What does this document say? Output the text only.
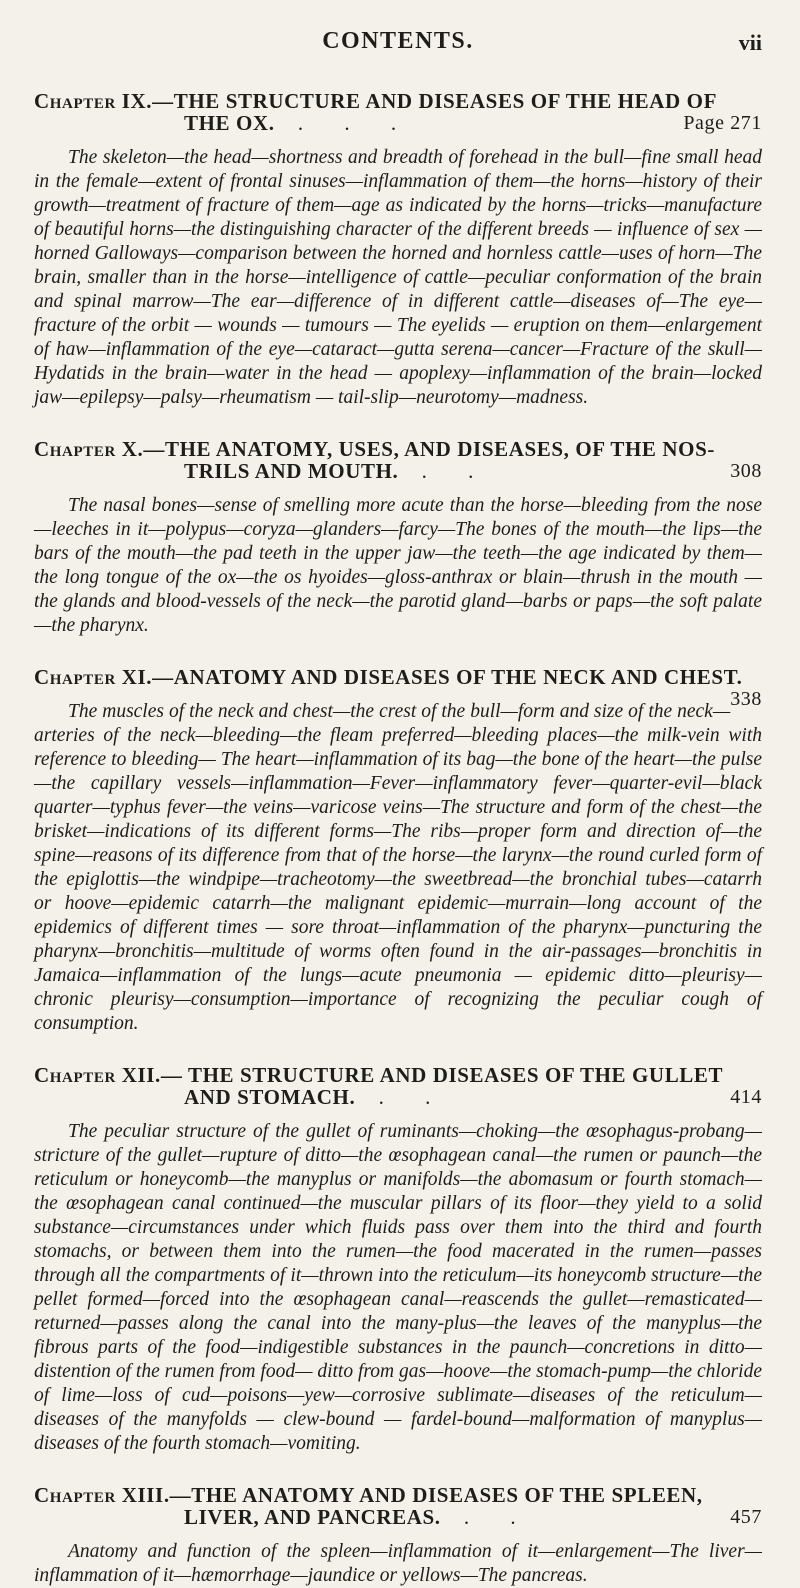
CONTENTS.	vii
Chapter IX.—THE STRUCTURE AND DISEASES OF THE HEAD OF
THE OX. . . .	Page 271

The skeleton—the head—shortness and breadth of forehead in the bull—fine small head in the female—extent of frontal sinuses—inflammation of them—the horns—history of their growth—treatment of fracture of them—age as indicated by the horns—tricks—manufacture of beautiful horns—the distinguishing character of the different breeds — influence of sex — horned Galloways—comparison between the horned and hornless cattle—uses of horn—The brain, smaller than in the horse—intelligence of cattle—peculiar conformation of the brain and spinal marrow—The ear—difference of in different cattle—diseases of—The eye—fracture of the orbit — wounds — tumours — The eyelids — eruption on them—enlargement of haw—inflammation of the eye—cataract—gutta serena—cancer—Fracture of the skull—Hydatids in the brain—water in the head — apoplexy—inflammation of the brain—locked jaw—epilepsy—palsy—rheumatism — tail-slip—neurotomy—madness.

Chapter X.—THE ANATOMY, USES, AND DISEASES, OF THE NOS-
TRILS AND MOUTH. . .	308

The nasal bones—sense of smelling more acute than the horse—bleeding from the nose—leeches in it—polypus—coryza—glanders—farcy—The bones of the mouth—the lips—the bars of the mouth—the pad teeth in the upper jaw—the teeth—the age indicated by them—the long tongue of the ox—the os hyoides—gloss-anthrax or blain—thrush in the mouth —the glands and blood-vessels of the neck—the parotid gland—barbs or paps—the soft palate—the pharynx.

Chapter XI.—ANATOMY AND DISEASES OF THE NECK AND CHEST.
338

The muscles of the neck and chest—the crest of the bull—form and size of the neck—arteries of the neck—bleeding—the fleam preferred—bleeding places—the milk-vein with reference to bleeding— The heart—inflammation of its bag—the bone of the heart—the pulse—the capillary vessels—inflammation—Fever—inflammatory fever—quarter-evil—black quarter—typhus fever—the veins—varicose veins—The structure and form of the chest—the brisket—indications of its different forms—The ribs—proper form and direction of—the spine—reasons of its difference from that of the horse—the larynx—the round curled form of the epiglottis—the windpipe—tracheotomy—the sweetbread—the bronchial tubes—catarrh or hoove—epidemic catarrh—the malignant epidemic—murrain—long account of the epidemics of different times — sore throat—inflammation of the pharynx—puncturing the pharynx—bronchitis—multitude of worms often found in the air-passages—bronchitis in Jamaica—inflammation of the lungs—acute pneumonia — epidemic ditto—pleurisy—chronic pleurisy—consumption—importance of recognizing the peculiar cough of consumption.

Chapter XII.— THE STRUCTURE AND DISEASES OF THE GULLET
AND STOMACH. . .	414

The peculiar structure of the gullet of ruminants—choking—the œsophagus-probang—stricture of the gullet—rupture of ditto—the œsophagean canal—the rumen or paunch—the reticulum or honeycomb—the manyplus or manifolds—the abomasum or fourth stomach—the œsophagean canal continued—the muscular pillars of its floor—they yield to a solid substance—circumstances under which fluids pass over them into the third and fourth stomachs, or between them into the rumen—the food macerated in the rumen—passes through all the compartments of it—thrown into the reticulum—its honeycomb structure—the pellet formed—forced into the œsophagean canal—reascends the gullet—remasticated—returned—passes along the canal into the many-plus—the leaves of the manyplus—the fibrous parts of the food—indigestible substances in the paunch—concretions in ditto—distention of the rumen from food— ditto from gas—hoove—the stomach-pump—the chloride of lime—loss of cud—poisons—yew—corrosive sublimate—diseases of the reticulum—diseases of the manyfolds — clew-bound — fardel-bound—malformation of manyplus—diseases of the fourth stomach—vomiting.

Chapter XIII.—THE ANATOMY AND DISEASES OF THE SPLEEN,
LIVER, AND PANCREAS. . .	457

Anatomy and function of the spleen—inflammation of it—enlargement—The liver—inflammation of it—hæmorrhage—jaundice or yellows—The pancreas.
